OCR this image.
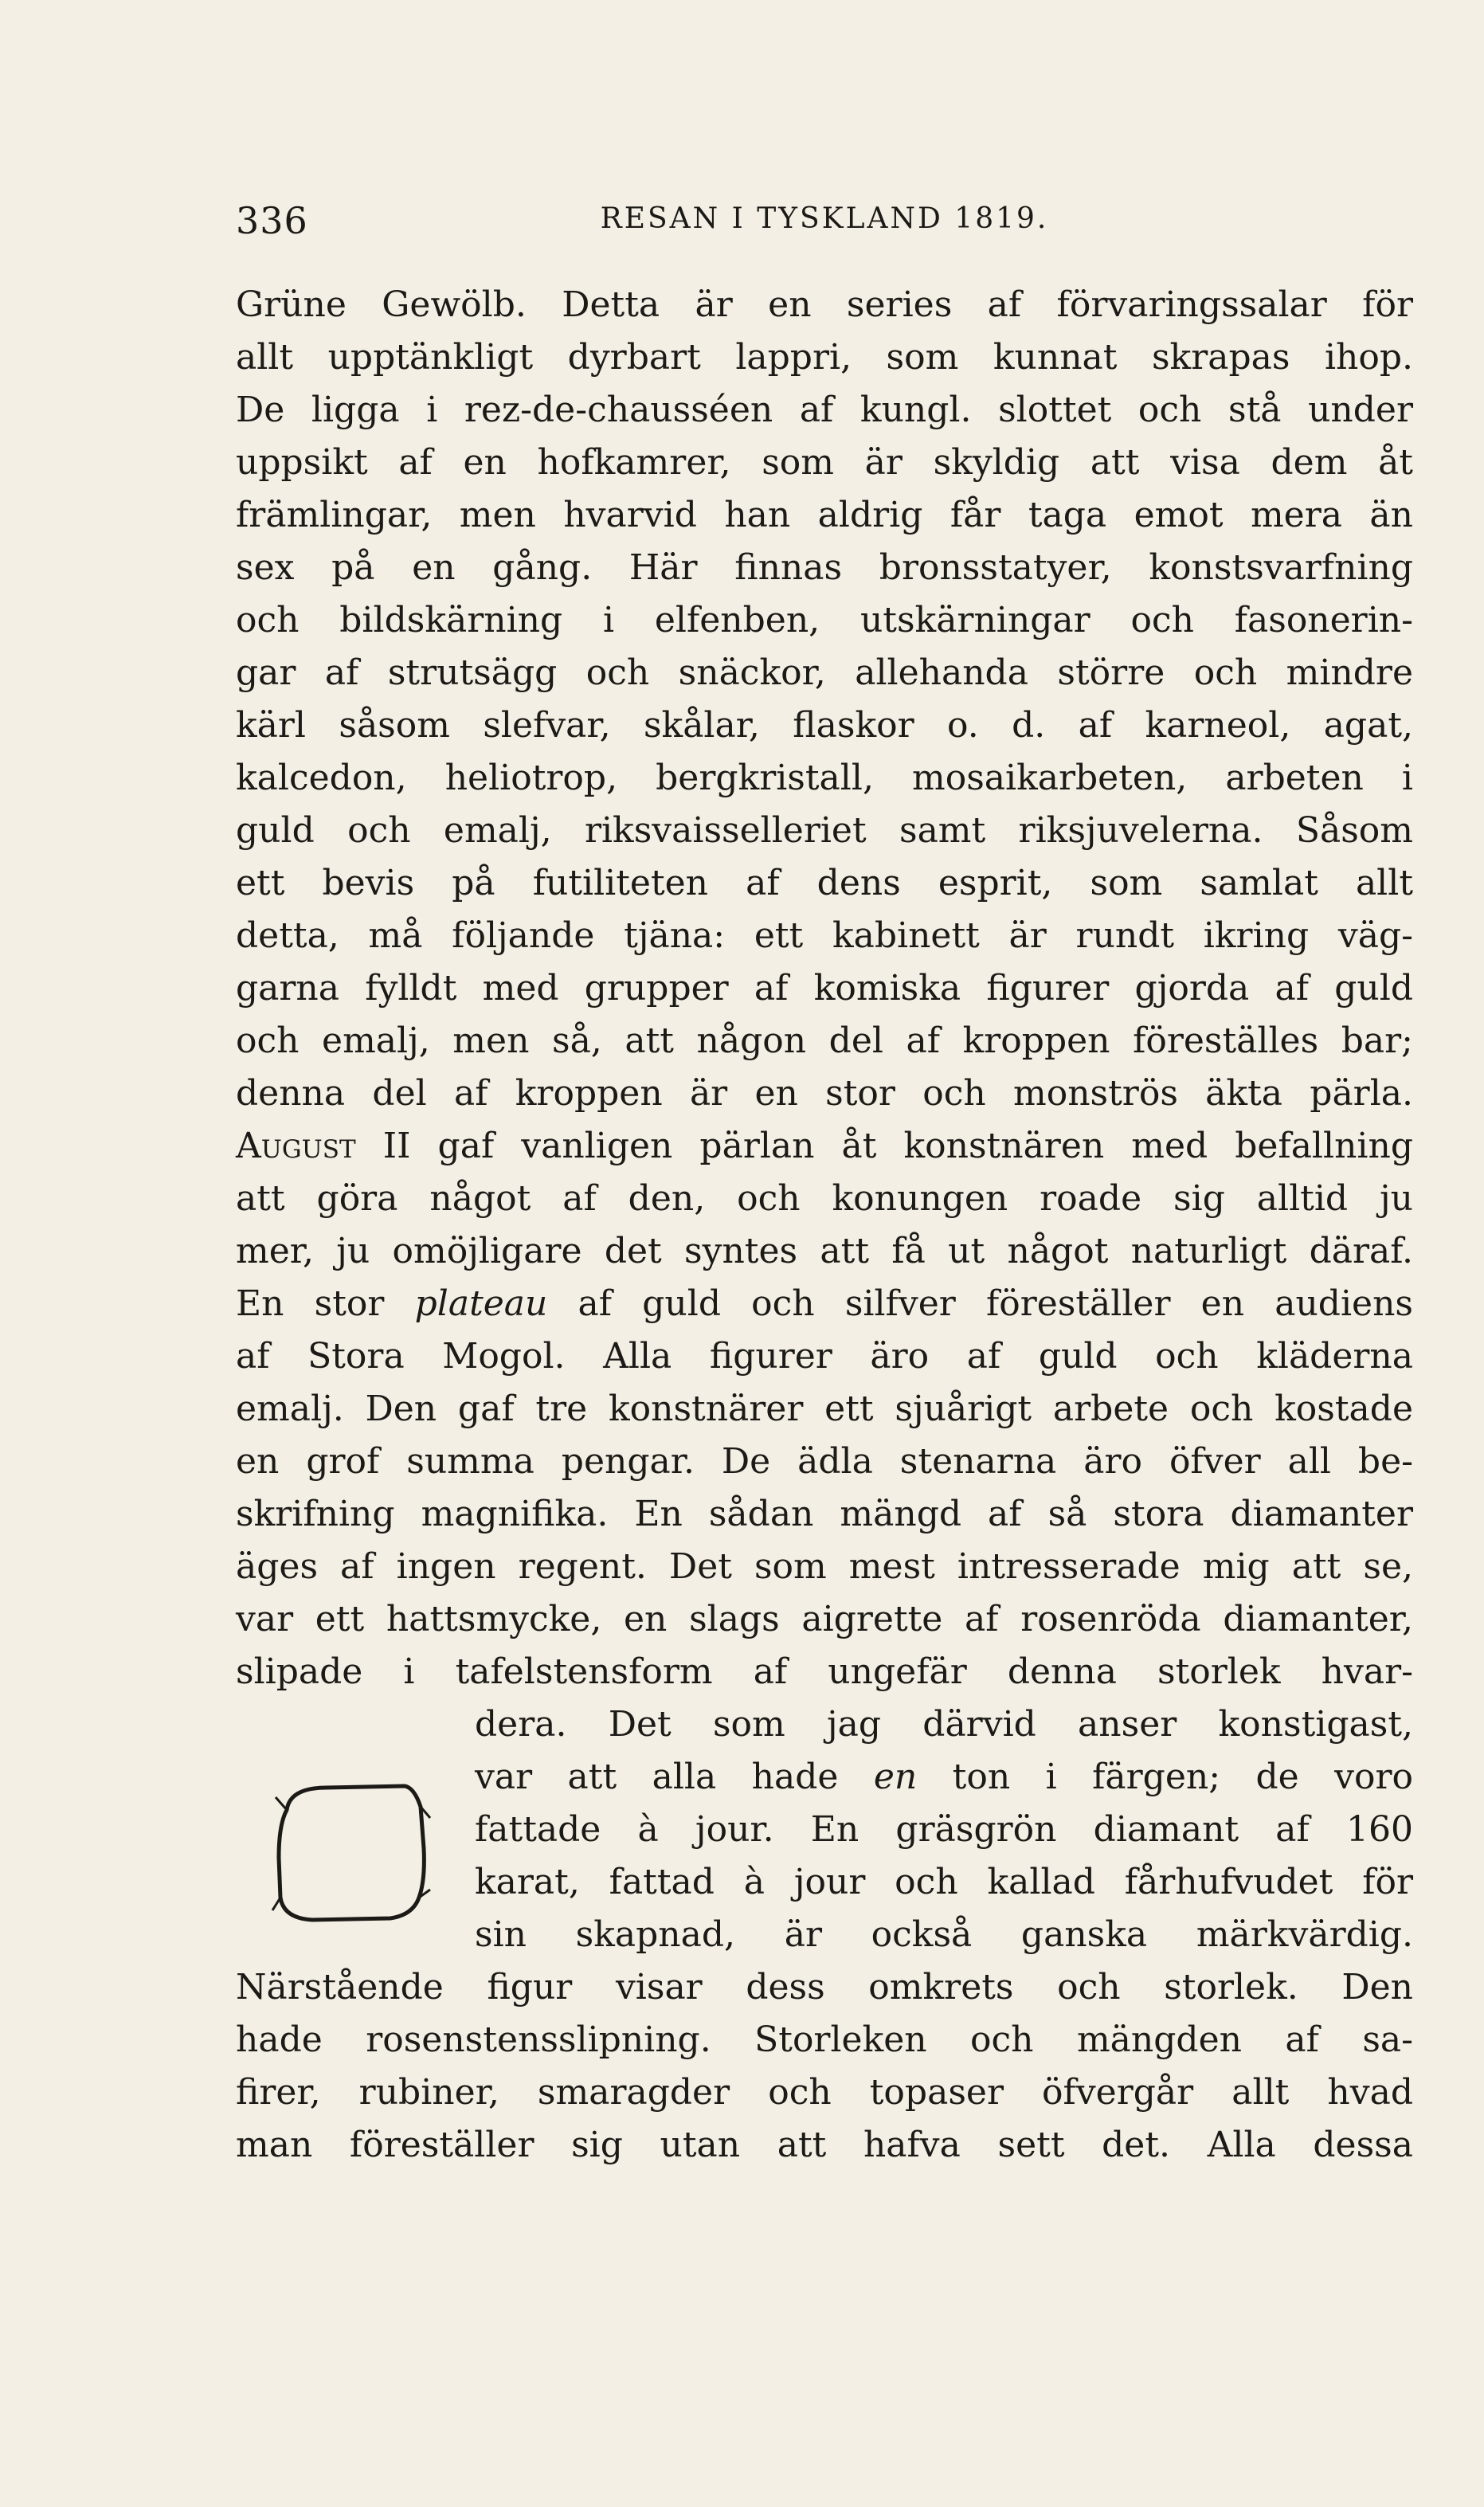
336	RESAN I TYSKLAND 1819.
Grüne Gewölb. Detta är en series af förvaringssalar för
allt upptänkligt dyrbart lappri, som kunnat skrapas ihop.
De ligga i rez-de-chausséen af kungl. slottet och stå under
uppsikt af en hofkamrer, som är skyldig att visa dem åt
främlingar, men hvarvid han aldrig får taga emot mera än
sex på en gång. Här finnas bronsstatyer, konstsvarfning
och bildskärning i elfenben, utskärningar och fasonerin-
gar af strutsägg och snäckor, allehanda större och mindre
kärl såsom slefvar, skålar, flaskor o. d. af karneol, agat,
kalcedon, heliotrop, bergkristall, mosaikarbeten, arbeten i
guld och emalj, riksvaisselleriet samt riksjuvelerna. Såsom
ett bevis på futiliteten af dens esprit, som samlat allt
detta, må följande tjäna: ett kabinett är rundt ikring väg-
garna fylldt med grupper af komiska figurer gjorda af guld
och emalj, men så, att någon del af kroppen föreställes bar;
denna del af kroppen är en stor och monströs äkta pärla.
August II gaf vanligen pärlan åt konstnären med befallning
att göra något af den, och konungen roade sig alltid ju
mer, ju omöjligare det syntes att få ut något naturligt däraf.
En stor plateau af guld och silfver föreställer en audiens
af Stora Mogol. Alla figurer äro af guld och kläderna
emalj. Den gaf tre konstnärer ett sjuårigt arbete och kostade
en grof summa pengar. De ädla stenarna äro öfver all be-
skrifning magnifika. En sådan mängd af så stora diamanter
äges af ingen regent. Det som mest intresserade mig att se,
var ett hattsmycke, en slags aigrette af rosenröda diamanter,
slipade i tafelstensform af ungefär denna storlek hvar-
dera. Det som jag därvid anser konstigast,
var att alla hade en ton i färgen; de voro
fattade à jour. En gräsgrön diamant af 160
karat, fattad à jour och kallad fårhufvudet för
sin skapnad, är också ganska märkvärdig.
Närstående figur visar dess omkrets och storlek. Den
hade rosenstensslipning. Storleken och mängden af sa-
firer, rubiner, smaragder och topaser öfvergår allt hvad
man föreställer sig utan att hafva sett det. Alla dessa
